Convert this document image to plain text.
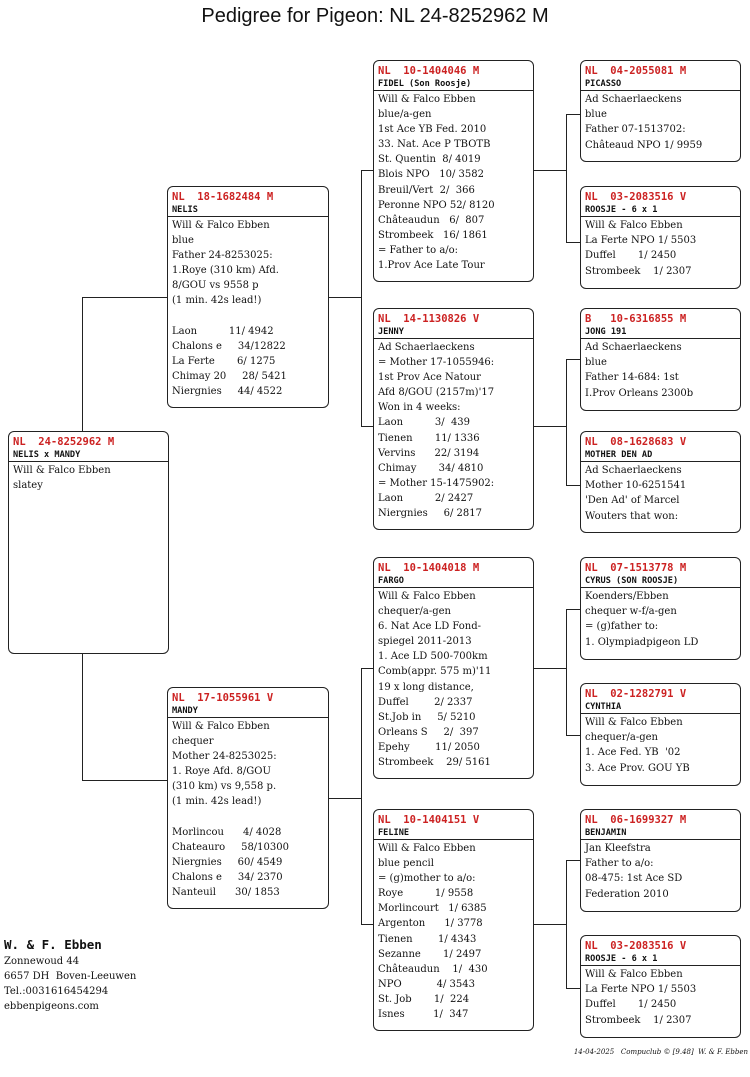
Pedigree for Pigeon: NL 24-8252962 M
NL  24-8252962 M
NELIS x MANDY
Will & Falco Ebben
slatey
NL  18-1682484 M
NELIS
Will & Falco Ebben
blue
Father 24-8253025:
1.Roye (310 km) Afd.
8/GOU vs 9558 p
(1 min. 42s lead!)

Laon          11/ 4942
Chalons e     34/12822
La Ferte       6/ 1275
Chimay 20     28/ 5421
Niergnies     44/ 4522
NL  17-1055961 V
MANDY
Will & Falco Ebben
chequer
Mother 24-8253025:
1. Roye Afd. 8/GOU
(310 km) vs 9,558 p.
(1 min. 42s lead!)

Morlincou      4/ 4028
Chateauro     58/10300
Niergnies     60/ 4549
Chalons e     34/ 2370
Nanteuil      30/ 1853
NL  10-1404046 M
FIDEL (Son Roosje)
Will & Falco Ebben
blue/a-gen
1st Ace YB Fed. 2010
33. Nat. Ace P TBOTB
St. Quentin  8/ 4019
Blois NPO   10/ 3582
Breuil/Vert  2/  366
Peronne NPO 52/ 8120
Châteaudun   6/  807
Strombeek   16/ 1861
= Father to a/o:
1.Prov Ace Late Tour
NL  14-1130826 V
JENNY
Ad Schaerlaeckens
= Mother 17-1055946:
1st Prov Ace Natour
Afd 8/GOU (2157m)'17
Won in 4 weeks:
Laon          3/  439
Tienen       11/ 1336
Vervins      22/ 3194
Chimay       34/ 4810
= Mother 15-1475902:
Laon          2/ 2427
Niergnies     6/ 2817
NL  10-1404018 M
FARGO
Will & Falco Ebben
chequer/a-gen
6. Nat Ace LD Fond-
spiegel 2011-2013
1. Ace LD 500-700km
Comb(appr. 575 m)'11
19 x long distance,
Duffel        2/ 2337
St.Job in     5/ 5210
Orleans S     2/  397
Epehy        11/ 2050
Strombeek    29/ 5161
NL  10-1404151 V
FELINE
Will & Falco Ebben
blue pencil
= (g)mother to a/o:
Roye          1/ 9558
Morlincourt   1/ 6385
Argenton      1/ 3778
Tienen        1/ 4343
Sezanne       1/ 2497
Châteaudun    1/  430
NPO           4/ 3543
St. Job       1/  224
Isnes         1/  347
NL  04-2055081 M
PICASSO
Ad Schaerlaeckens
blue
Father 07-1513702:
Châteaud NPO 1/ 9959
NL  03-2083516 V
ROOSJE - 6 x 1
Will & Falco Ebben
La Ferte NPO 1/ 5503
Duffel       1/ 2450
Strombeek    1/ 2307
B   10-6316855 M
JONG 191
Ad Schaerlaeckens
blue
Father 14-684: 1st
I.Prov Orleans 2300b
NL  08-1628683 V
MOTHER DEN AD
Ad Schaerlaeckens
Mother 10-6251541
'Den Ad' of Marcel
Wouters that won:
NL  07-1513778 M
CYRUS (SON ROOSJE)
Koenders/Ebben
chequer w-f/a-gen
= (g)father to:
1. Olympiadpigeon LD
NL  02-1282791 V
CYNTHIA
Will & Falco Ebben
chequer/a-gen
1. Ace Fed. YB  '02
3. Ace Prov. GOU YB
NL  06-1699327 M
BENJAMIN
Jan Kleefstra
Father to a/o:
08-475: 1st Ace SD
Federation 2010
NL  03-2083516 V
ROOSJE - 6 x 1
Will & Falco Ebben
La Ferte NPO 1/ 5503
Duffel       1/ 2450
Strombeek    1/ 2307
W. & F. Ebben
Zonnewoud 44
6657 DH  Boven-Leeuwen
Tel.:0031616454294
ebbenpigeons.com
14-04-2025   Compuclub © [9.48]  W. & F. Ebben
